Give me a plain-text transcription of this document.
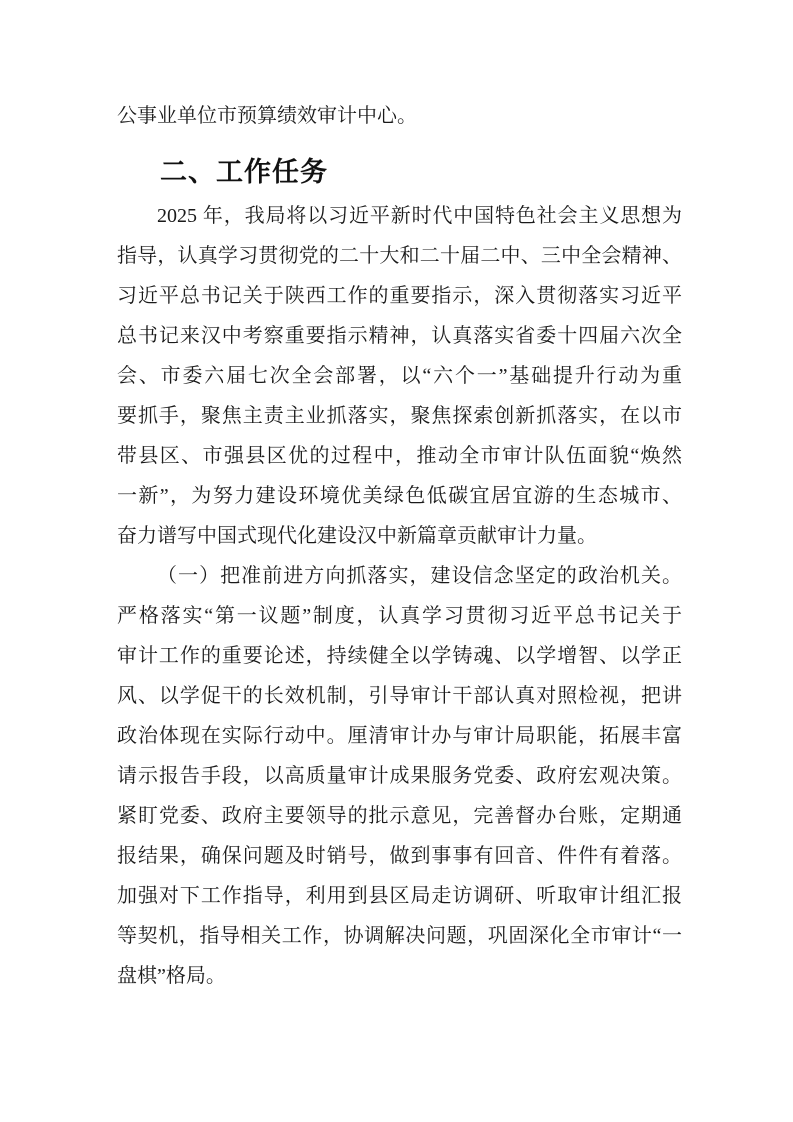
公事业单位市预算绩效审计中心。

二、工作任务

2025 年，我局将以习近平新时代中国特色社会主义思想为
指导，认真学习贯彻党的二十大和二十届二中、三中全会精神、
习近平总书记关于陕西工作的重要指示，深入贯彻落实习近平
总书记来汉中考察重要指示精神，认真落实省委十四届六次全
会、市委六届七次全会部署，以“六个一”基础提升行动为重
要抓手，聚焦主责主业抓落实，聚焦探索创新抓落实，在以市
带县区、市强县区优的过程中，推动全市审计队伍面貌“焕然
一新”，为努力建设环境优美绿色低碳宜居宜游的生态城市、
奋力谱写中国式现代化建设汉中新篇章贡献审计力量。

（一）把准前进方向抓落实，建设信念坚定的政治机关。
严格落实“第一议题”制度，认真学习贯彻习近平总书记关于
审计工作的重要论述，持续健全以学铸魂、以学增智、以学正
风、以学促干的长效机制，引导审计干部认真对照检视，把讲
政治体现在实际行动中。厘清审计办与审计局职能，拓展丰富
请示报告手段，以高质量审计成果服务党委、政府宏观决策。
紧盯党委、政府主要领导的批示意见，完善督办台账，定期通
报结果，确保问题及时销号，做到事事有回音、件件有着落。
加强对下工作指导，利用到县区局走访调研、听取审计组汇报
等契机，指导相关工作，协调解决问题，巩固深化全市审计“一
盘棋”格局。
